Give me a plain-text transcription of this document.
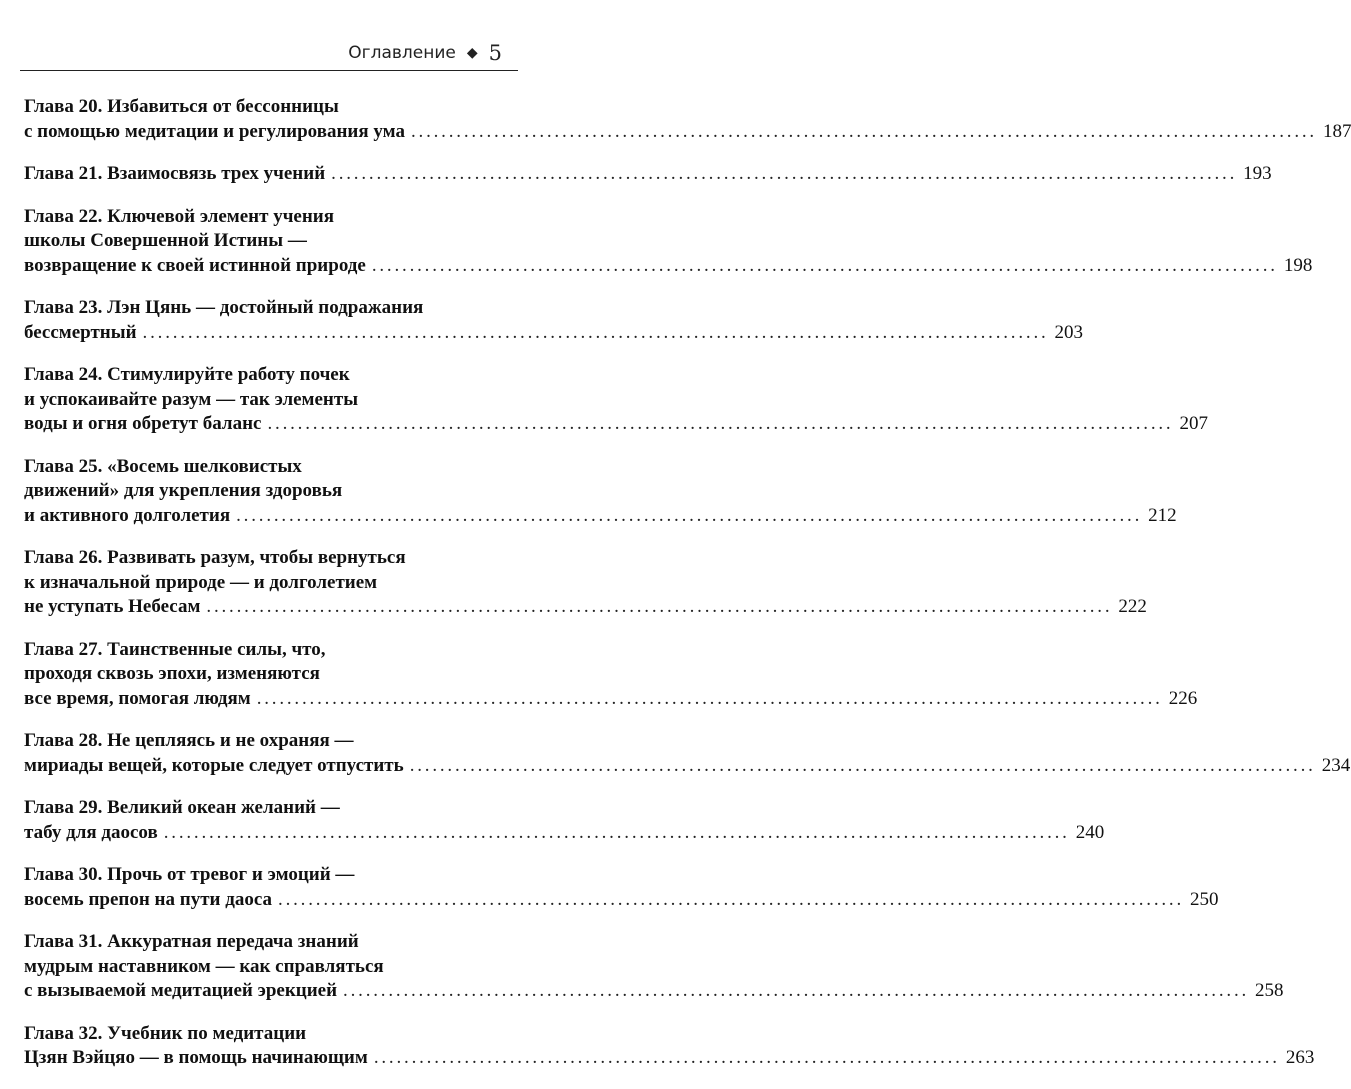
Оглавление ◆ 5
Глава 20. Избавиться от бессонницы
с помощью медитации и регулирования ума ........................................................................................................................ 187
Глава 21. Взаимосвязь трех учений ........................................................................................................................ 193
Глава 22. Ключевой элемент учения
школы Совершенной Истины —
возвращение к своей истинной природе ........................................................................................................................ 198
Глава 23. Лэн Цянь — достойный подражания
бессмертный ........................................................................................................................ 203
Глава 24. Стимулируйте работу почек
и успокаивайте разум — так элементы
воды и огня обретут баланс ........................................................................................................................ 207
Глава 25. «Восемь шелковистых
движений» для укрепления здоровья
и активного долголетия ........................................................................................................................ 212
Глава 26. Развивать разум, чтобы вернуться
к изначальной природе — и долголетием
не уступать Небесам ........................................................................................................................ 222
Глава 27. Таинственные силы, что,
проходя сквозь эпохи, изменяются
все время, помогая людям ........................................................................................................................ 226
Глава 28. Не цепляясь и не охраняя —
мириады вещей, которые следует отпустить ........................................................................................................................ 234
Глава 29. Великий океан желаний —
табу для даосов ........................................................................................................................ 240
Глава 30. Прочь от тревог и эмоций —
восемь препон на пути даоса ........................................................................................................................ 250
Глава 31. Аккуратная передача знаний
мудрым наставником — как справляться
с вызываемой медитацией эрекцией ........................................................................................................................ 258
Глава 32. Учебник по медитации
Цзян Вэйцяо — в помощь начинающим ........................................................................................................................ 263
